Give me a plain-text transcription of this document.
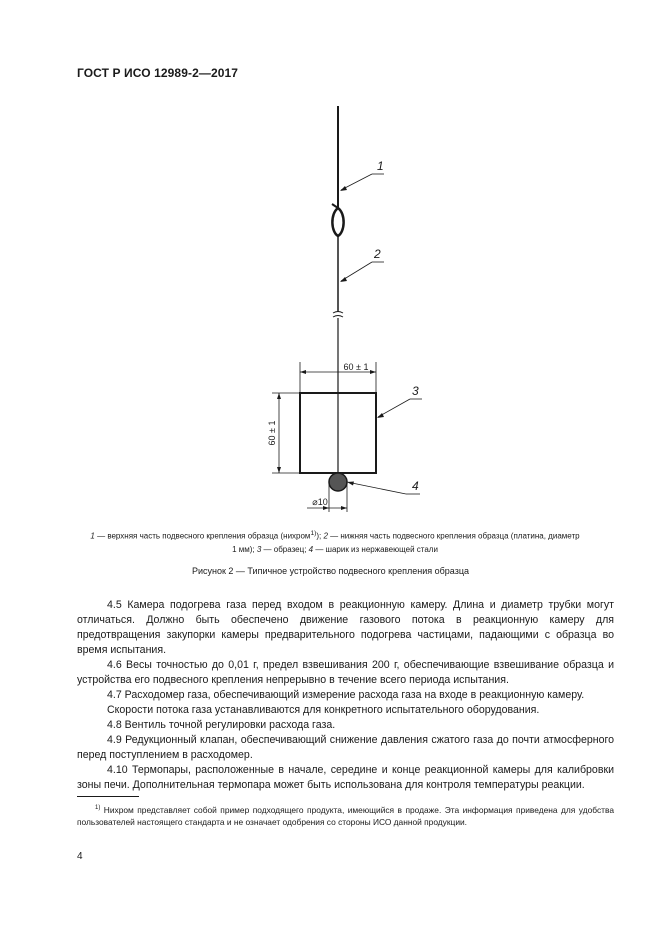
ГОСТ Р ИСО 12989-2—2017
60 ± 1
60 ± 1
⌀10
1
2
3
4
1 — верхняя часть подвесного крепления образца (нихром$^{1)}$); 2 — нижняя часть подвесного крепления образца (платина, диаметр 1 мм); 3 — образец; 4 — шарик из нержавеющей стали
Рисунок 2 — Типичное устройство подвесного крепления образца

4.5 Камера подогрева газа перед входом в реакционную камеру. Длина и диаметр трубки могут отличаться. Должно быть обеспечено движение газового потока в реакционную камеру для предотвращения закупорки камеры предварительного подогрева частицами, падающими с образца во время испытания.

4.6 Весы точностью до 0,01 г, предел взвешивания 200 г, обеспечивающие взвешивание образца и устройства его подвесного крепления непрерывно в течение всего периода испытания.

4.7 Расходомер газа, обеспечивающий измерение расхода газа на входе в реакционную камеру.

Скорости потока газа устанавливаются для конкретного испытательного оборудования.

4.8 Вентиль точной регулировки расхода газа.

4.9 Редукционный клапан, обеспечивающий снижение давления сжатого газа до почти атмосферного перед поступлением в расходомер.

4.10 Термопары, расположенные в начале, середине и конце реакционной камеры для калибровки зоны печи. Дополнительная термопара может быть использована для контроля температуры реакции.

$^{1)}$ Нихром представляет собой пример подходящего продукта, имеющийся в продаже. Эта информация приведена для удобства пользователей настоящего стандарта и не означает одобрения со стороны ИСО данной продукции.
4
